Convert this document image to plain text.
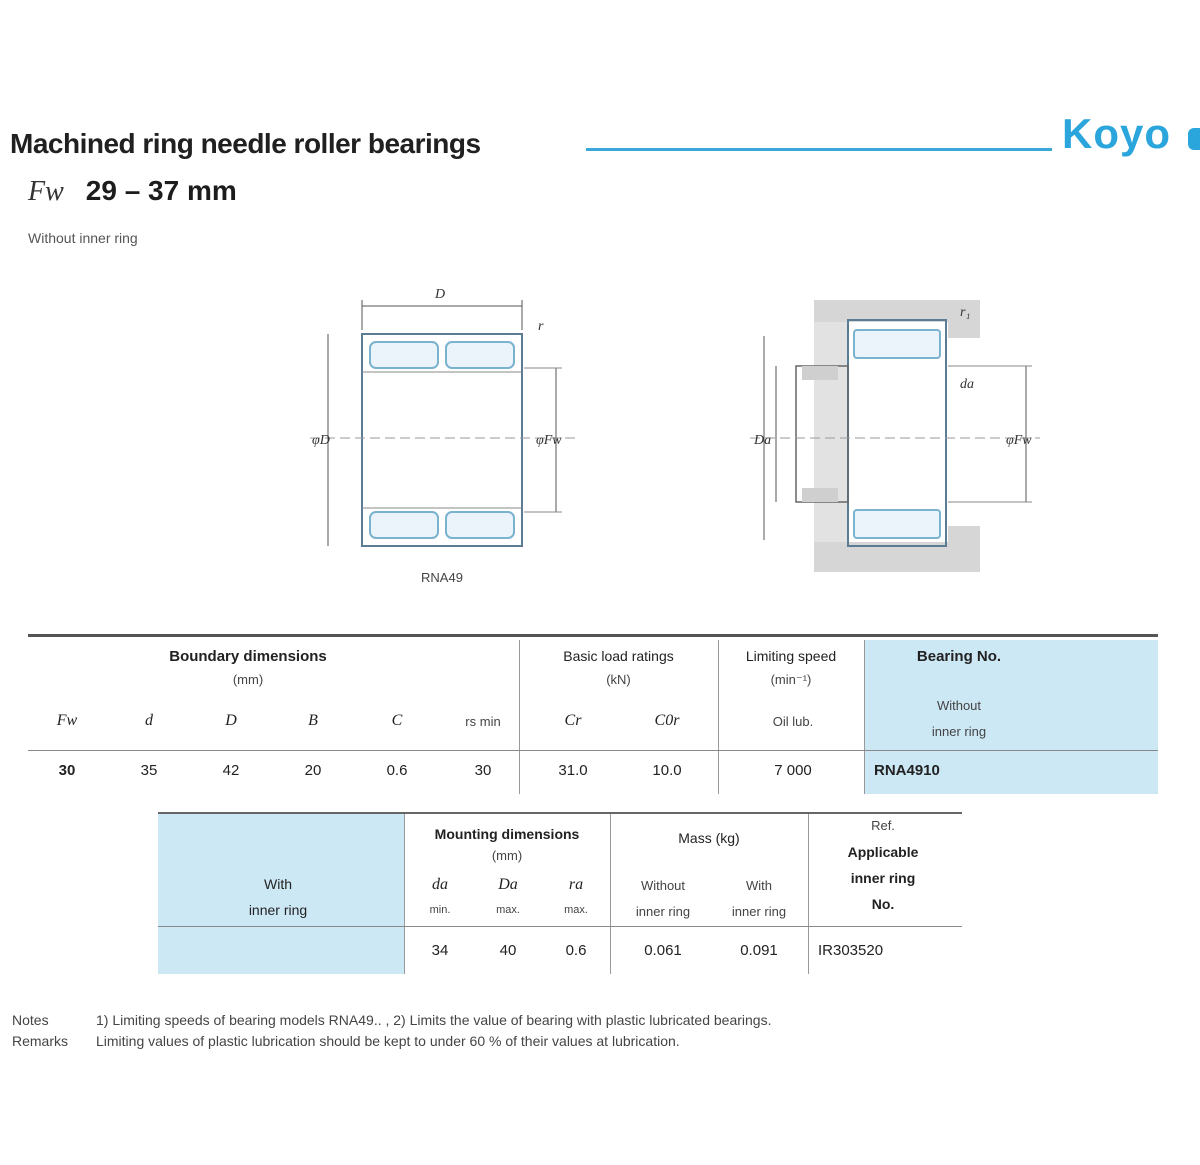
Machined ring needle roller bearings	Koyo
Fw 29 – 37 mm
Without inner ring
D
r
φD	φFw
RNA49
r₁
da
Da	φFw
Boundary dimensions
(mm)
Basic load ratings
(kN)
Limiting speed
(min⁻¹)
Bearing No.
Without
inner ring
Fw	d	D	B	C	rs min	Cr	C0r	Oil lub.
30	35	42	20	0.6	30	31.0	10.0	7 000	RNA4910
With
inner ring
Mounting dimensions
(mm)
Mass (kg)
Ref.
Applicable
inner ring
No.
da	Da	ra
min.	max.	max.
Without	With
inner ring	inner ring
34	40	0.6	0.061	0.091	IR303520
Notes	1) Limiting speeds of bearing models RNA49.. , 2) Limits the value of bearing with plastic lubricated bearings.
Remarks Limiting values of plastic lubrication should be kept to under 60 % of their values at lubrication.
